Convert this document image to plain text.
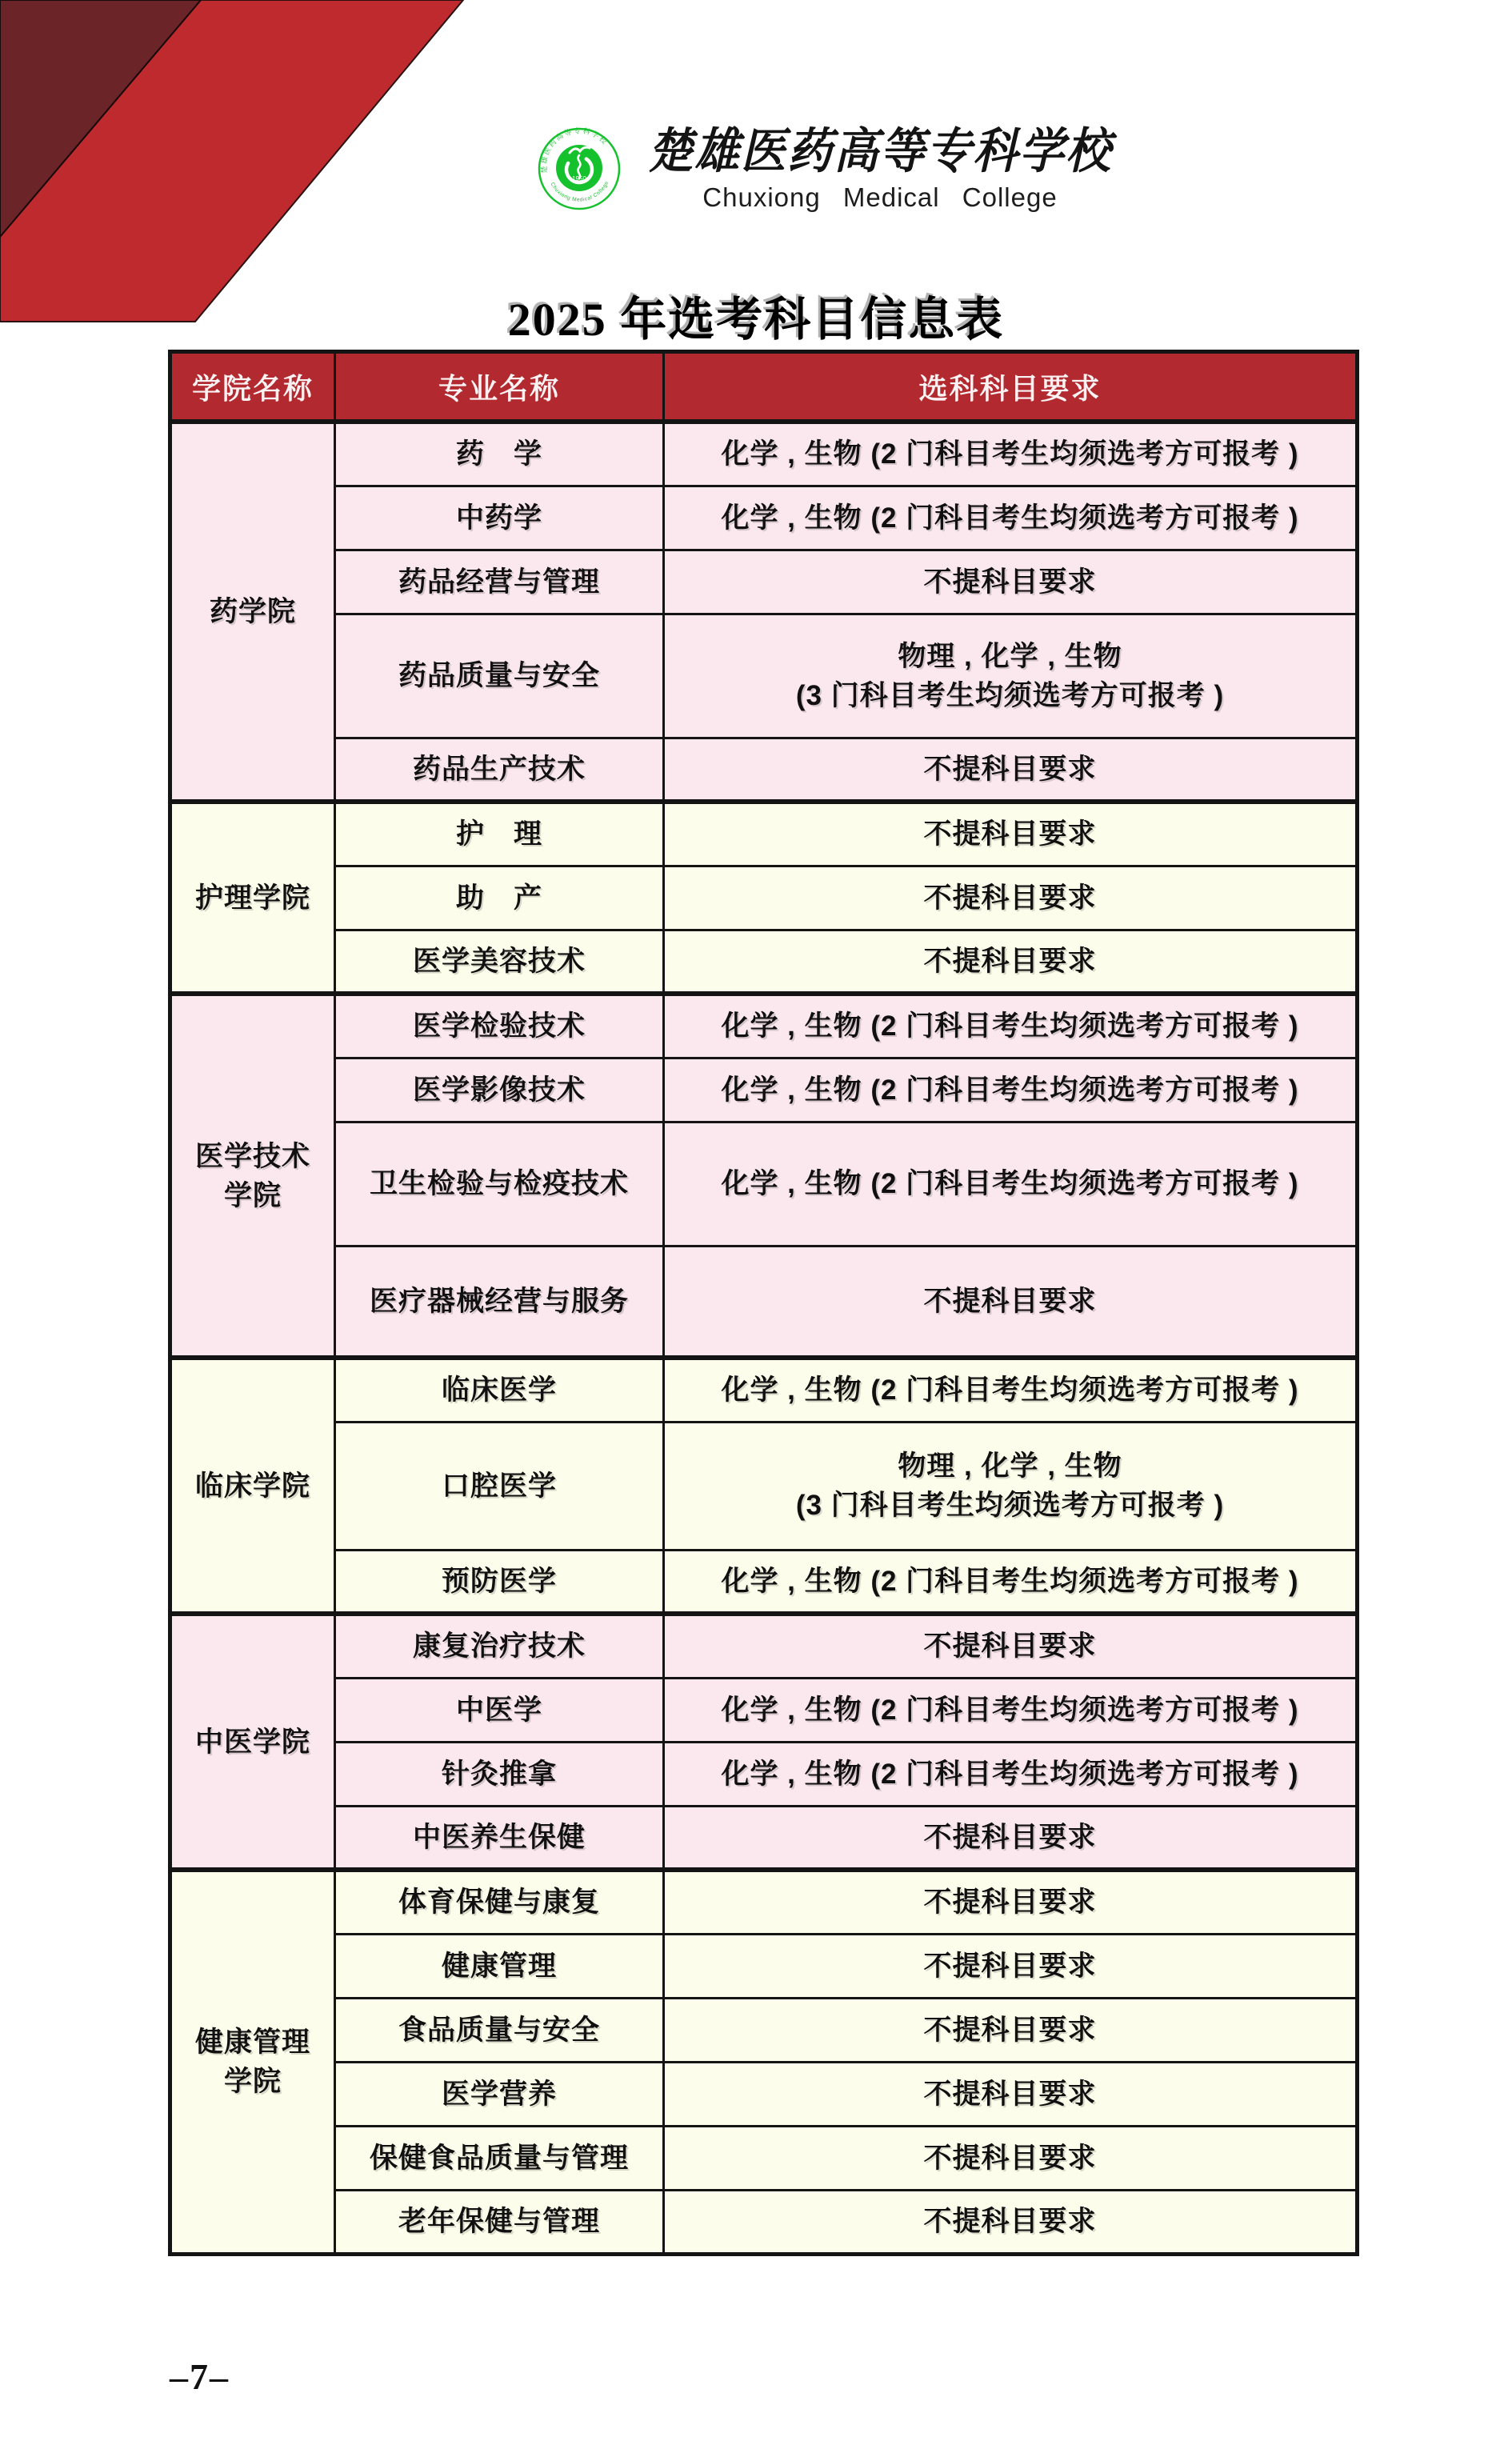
楚雄医药高等专科学校
1950
Chuxiong Medical College
楚雄医药高等专科学校
Chuxiong Medical College
2025 年选考科目信息表
学院名称	专业名称	选科科目要求

药学院	药　学	化学 , 生物 (2 门科目考生均须选考方可报考 )

	中药学	化学 , 生物 (2 门科目考生均须选考方可报考 )

	药品经营与管理	不提科目要求

	药品质量与安全	物理 , 化学 , 生物
(3 门科目考生均须选考方可报考 )

	药品生产技术	不提科目要求

护理学院	护　理	不提科目要求

	助　产	不提科目要求

	医学美容技术	不提科目要求

医学技术
学院	医学检验技术	化学 , 生物 (2 门科目考生均须选考方可报考 )

	医学影像技术	化学 , 生物 (2 门科目考生均须选考方可报考 )

	卫生检验与检疫技术	化学 , 生物 (2 门科目考生均须选考方可报考 )

	医疗器械经营与服务	不提科目要求

临床学院	临床医学	化学 , 生物 (2 门科目考生均须选考方可报考 )

	口腔医学	物理 , 化学 , 生物
(3 门科目考生均须选考方可报考 )

	预防医学	化学 , 生物 (2 门科目考生均须选考方可报考 )

中医学院	康复治疗技术	不提科目要求

	中医学	化学 , 生物 (2 门科目考生均须选考方可报考 )

	针灸推拿	化学 , 生物 (2 门科目考生均须选考方可报考 )

	中医养生保健	不提科目要求

健康管理
学院	体育保健与康复	不提科目要求

	健康管理	不提科目要求

	食品质量与安全	不提科目要求

	医学营养	不提科目要求

	保健食品质量与管理	不提科目要求

	老年保健与管理	不提科目要求
–7–
